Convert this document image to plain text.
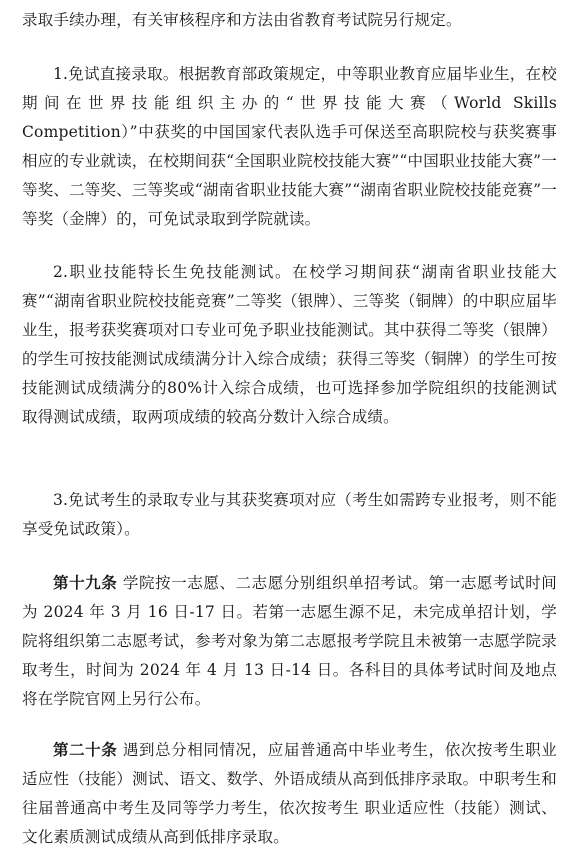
录取手续办理，有关审核程序和方法由省教育考试院另行规定。

1.免试直接录取。根据教育部政策规定，中等职业教育应届毕业生，在校期间在世界技能组织主办的“世界技能大赛（World Skills Competition）”中获奖的中国国家代表队选手可保送至高职院校与获奖赛事相应的专业就读，在校期间获“全国职业院校技能大赛”“中国职业技能大赛”一等奖、二等奖、三等奖或“湖南省职业技能大赛”“湖南省职业院校技能竞赛”一等奖（金牌）的，可免试录取到学院就读。

2.职业技能特长生免技能测试。在校学习期间获“湖南省职业技能大赛”“湖南省职业院校技能竞赛”二等奖（银牌）、三等奖（铜牌）的中职应届毕业生，报考获奖赛项对口专业可免予职业技能测试。其中获得二等奖（银牌）的学生可按技能测试成绩满分计入综合成绩；获得三等奖（铜牌）的学生可按技能测试成绩满分的80%计入综合成绩，也可选择参加学院组织的技能测试取得测试成绩，取两项成绩的较高分数计入综合成绩。

3.免试考生的录取专业与其获奖赛项对应（考生如需跨专业报考，则不能享受免试政策）。

第十九条 学院按一志愿、二志愿分别组织单招考试。第一志愿考试时间为 2024 年 3 月 16 日-17 日。若第一志愿生源不足，未完成单招计划，学院将组织第二志愿考试，参考对象为第二志愿报考学院且未被第一志愿学院录取考生，时间为 2024 年 4 月 13 日-14 日。各科目的具体考试时间及地点将在学院官网上另行公布。

第二十条 遇到总分相同情况，应届普通高中毕业考生，依次按考生职业适应性（技能）测试、语文、数学、外语成绩从高到低排序录取。中职考生和往届普通高中考生及同等学力考生，依次按考生 职业适应性（技能）测试、文化素质测试成绩从高到低排序录取。
